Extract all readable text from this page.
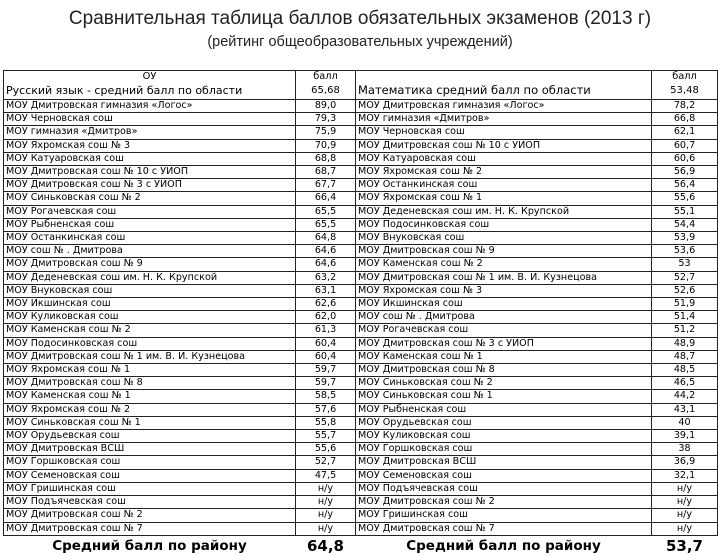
Сравнительная таблица баллов обязательных экзаменов (2013 г)
(рейтинг общеобразовательных учреждений)
ОУ	балл		балл
Русский язык - средний балл по области	65,68	Математика средний балл по области	53,48
МОУ Дмитровская гимназия «Логос»	89,0	МОУ Дмитровская гимназия «Логос»	78,2
МОУ Черновская сош	79,3	МОУ гимназия «Дмитров»	66,8
МОУ гимназия «Дмитров»	75,9	МОУ Черновская сош	62,1
МОУ Яхромская сош № 3	70,9	МОУ Дмитровская сош № 10 с УИОП	60,7
МОУ Катуаровская сош	68,8	МОУ Катуаровская сош	60,6
МОУ Дмитровская сош № 10 с УИОП	68,7	МОУ Яхромская сош № 2	56,9
МОУ Дмитровская сош № 3 с УИОП	67,7	МОУ Останкинская сош	56,4
МОУ Синьковская сош № 2	66,4	МОУ Яхромская сош № 1	55,6
МОУ Рогачевская сош	65,5	МОУ Деденевская сош им. Н. К. Крупской	55,1
МОУ Рыбненская сош	65,5	МОУ Подосинковская сош	54,4
МОУ Останкинская сош	64,8	МОУ Внуковская сош	53,9
МОУ сош № . Дмитрова	64,6	МОУ Дмитровская сош № 9	53,6
МОУ Дмитровская сош № 9	64,6	МОУ Каменская сош № 2	53
МОУ Деденевская сош им. Н. К. Крупской	63,2	МОУ Дмитровская сош № 1 им. В. И. Кузнецова	52,7
МОУ Внуковская сош	63,1	МОУ Яхромская сош № 3	52,6
МОУ Икшинская сош	62,6	МОУ Икшинская сош	51,9
МОУ Куликовская сош	62,0	МОУ сош № . Дмитрова	51,4
МОУ Каменская сош № 2	61,3	МОУ Рогачевская сош	51,2
МОУ Подосинковская сош	60,4	МОУ Дмитровская сош № 3 с УИОП	48,9
МОУ Дмитровская сош № 1 им. В. И. Кузнецова	60,4	МОУ Каменская сош № 1	48,7
МОУ Яхромская сош № 1	59,7	МОУ Дмитровская сош № 8	48,5
МОУ Дмитровская сош № 8	59,7	МОУ Синьковская сош № 2	46,5
МОУ Каменская сош № 1	58,5	МОУ Синьковская сош № 1	44,2
МОУ Яхромская сош № 2	57,6	МОУ Рыбненская сош	43,1
МОУ Синьковская сош № 1	55,8	МОУ Орудьевская сош	40
МОУ Орудьевская сош	55,7	МОУ Куликовская сош	39,1
МОУ Дмитровская ВСШ	55,6	МОУ Горшковская сош	38
МОУ Горшковская сош	52,7	МОУ Дмитровская ВСШ	36,9
МОУ Семеновская сош	47,5	МОУ Семеновская сош	32,1
МОУ Гришинская сош	н/у	МОУ Подъячевская сош	н/у
МОУ Подъячевская сош	н/у	МОУ Дмитровская сош № 2	н/у
МОУ Дмитровская сош № 2	н/у	МОУ Гришинская сош	н/у
МОУ Дмитровская сош № 7	н/у	МОУ Дмитровская сош № 7	н/у
Средний балл по району	64,8	Средний балл по району	53,7
